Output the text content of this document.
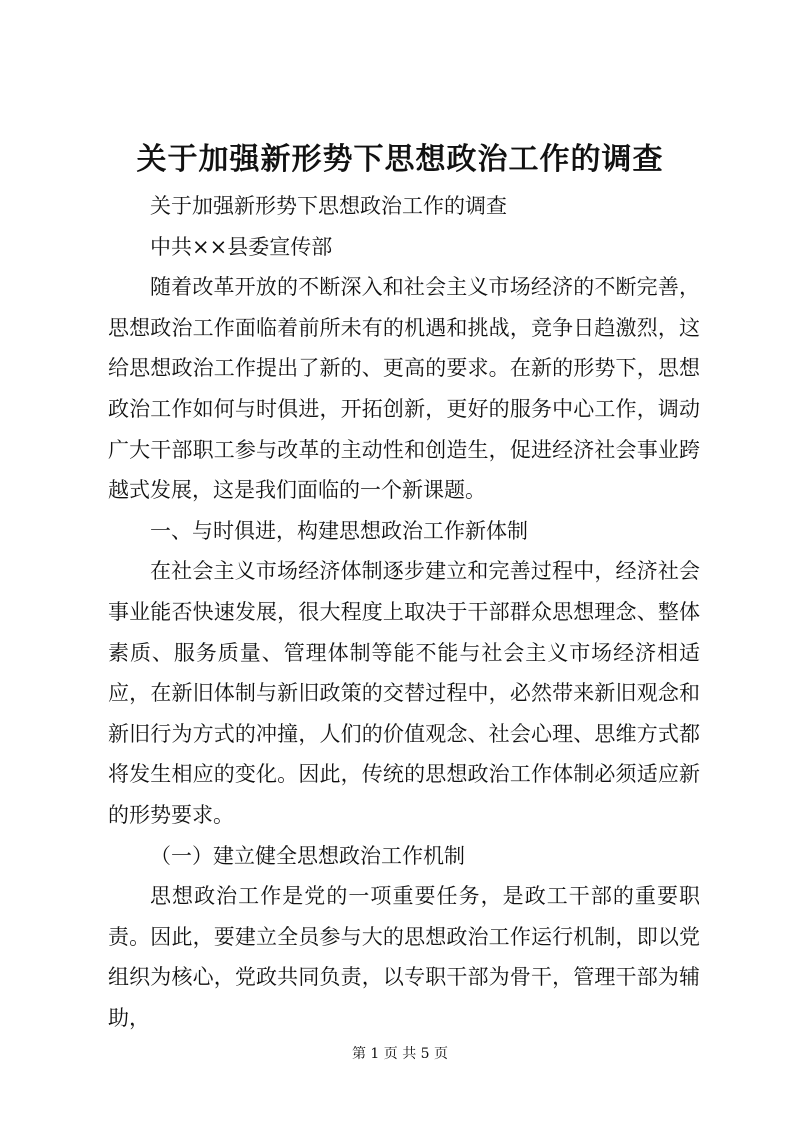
关于加强新形势下思想政治工作的调查

关于加强新形势下思想政治工作的调查

中共××县委宣传部

随着改革开放的不断深入和社会主义市场经济的不断完善，思想政治工作面临着前所未有的机遇和挑战，竞争日趋激烈，这给思想政治工作提出了新的、更高的要求。在新的形势下，思想政治工作如何与时俱进，开拓创新，更好的服务中心工作，调动广大干部职工参与改革的主动性和创造生，促进经济社会事业跨越式发展，这是我们面临的一个新课题。

一、与时俱进，构建思想政治工作新体制

在社会主义市场经济体制逐步建立和完善过程中，经济社会事业能否快速发展，很大程度上取决于干部群众思想理念、整体素质、服务质量、管理体制等能不能与社会主义市场经济相适应，在新旧体制与新旧政策的交替过程中，必然带来新旧观念和新旧行为方式的冲撞，人们的价值观念、社会心理、思维方式都将发生相应的变化。因此，传统的思想政治工作体制必须适应新的形势要求。

（一）建立健全思想政治工作机制

思想政治工作是党的一项重要任务，是政工干部的重要职责。因此，要建立全员参与大的思想政治工作运行机制，即以党组织为核心，党政共同负责，以专职干部为骨干，管理干部为辅助，

第 1 页 共 5 页
